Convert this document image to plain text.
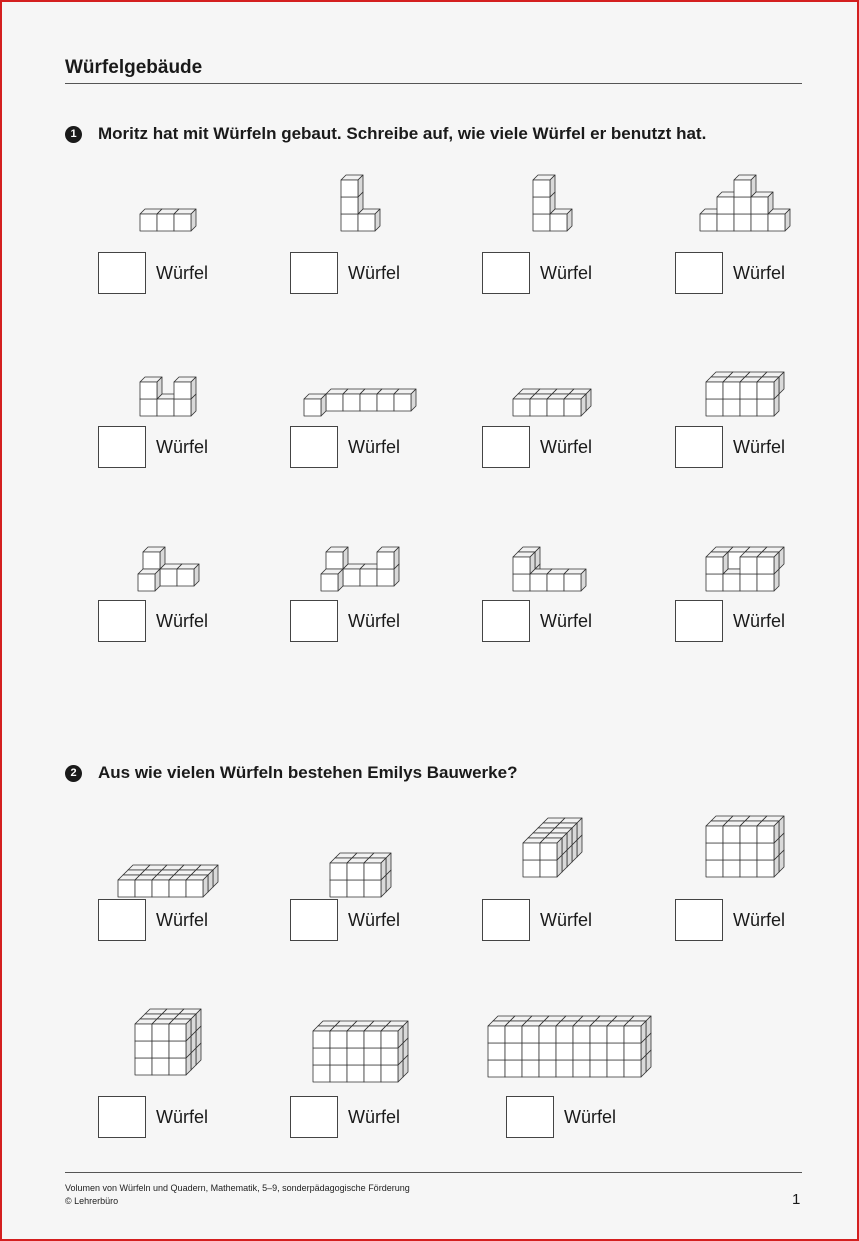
Würfelgebäude
1	Moritz hat mit Würfeln gebaut. Schreibe auf, wie viele Würfel er benutzt hat.
2	Aus wie vielen Würfeln bestehen Emilys Bauwerke?
Würfel	Würfel	Würfel	Würfel
Würfel	Würfel	Würfel	Würfel
Würfel	Würfel	Würfel	Würfel
Würfel	Würfel	Würfel	Würfel
Würfel	Würfel	Würfel
Volumen von Würfeln und Quadern, Mathematik, 5–9, sonderpädagogische Förderung
© Lehrerbüro	1
